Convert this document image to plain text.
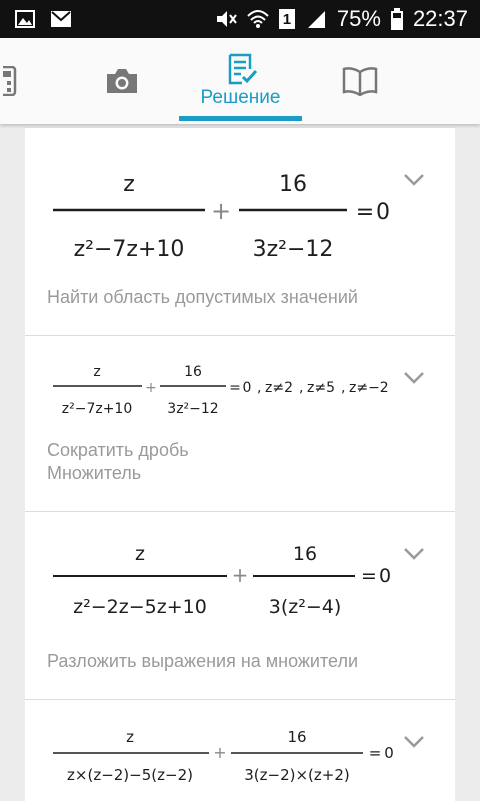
1 75% 22:37
Решение
z
z²−7z+10
+
16
3z²−12
= 0
Найти область допустимых значений
z
z²−7z+10
+
16
3z²−12
= 0 , z≠2 , z≠5 , z≠−2
Сократить дробь
Множитель
z
z²−2z−5z+10
+
16
3(z²−4)
= 0
Разложить выражения на множители
z
z×(z−2)−5(z−2)
+
16
3(z−2)×(z+2)
= 0
